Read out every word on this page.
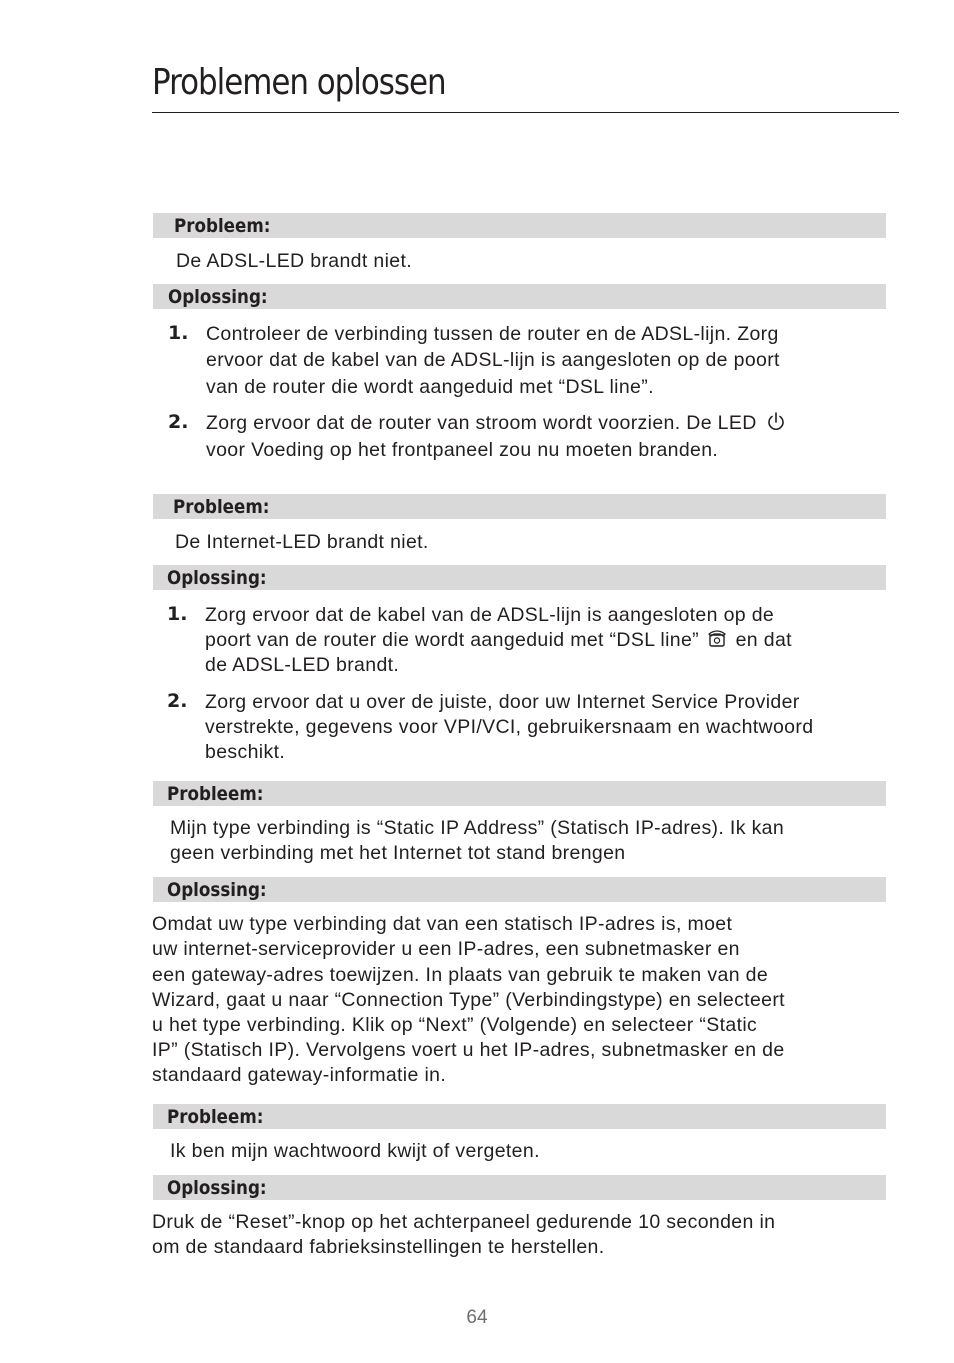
Problemen oplossen
Probleem:
De ADSL-LED brandt niet.
Oplossing:
1. Controleer de verbinding tussen de router en de ADSL-lijn. Zorg
ervoor dat de kabel van de ADSL-lijn is aangesloten op de poort
van de router die wordt aangeduid met “DSL line”.
2. Zorg ervoor dat de router van stroom wordt voorzien. De LED
voor Voeding op het frontpaneel zou nu moeten branden.
Probleem:
De Internet-LED brandt niet.
Oplossing:
1. Zorg ervoor dat de kabel van de ADSL-lijn is aangesloten op de
poort van de router die wordt aangeduid met “DSL line” en dat
de ADSL-LED brandt.
2. Zorg ervoor dat u over de juiste, door uw Internet Service Provider
verstrekte, gegevens voor VPI/VCI, gebruikersnaam en wachtwoord
beschikt.
Probleem:
Mijn type verbinding is “Static IP Address” (Statisch IP-adres). Ik kan
geen verbinding met het Internet tot stand brengen
Oplossing:
Omdat uw type verbinding dat van een statisch IP-adres is, moet
uw internet-serviceprovider u een IP-adres, een subnetmasker en
een gateway-adres toewijzen. In plaats van gebruik te maken van de
Wizard, gaat u naar “Connection Type” (Verbindingstype) en selecteert
u het type verbinding. Klik op “Next” (Volgende) en selecteer “Static
IP” (Statisch IP). Vervolgens voert u het IP-adres, subnetmasker en de
standaard gateway-informatie in.
Probleem:
Ik ben mijn wachtwoord kwijt of vergeten.
Oplossing:
Druk de “Reset”-knop op het achterpaneel gedurende 10 seconden in
om de standaard fabrieksinstellingen te herstellen.
64
